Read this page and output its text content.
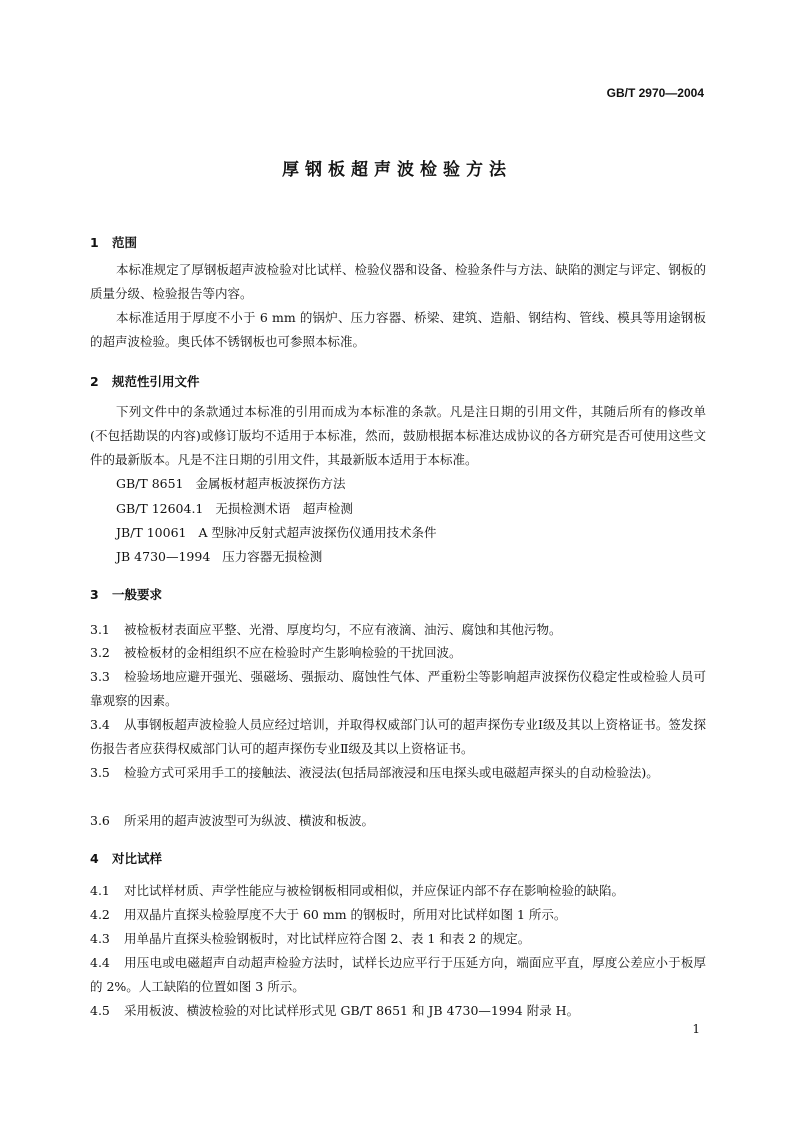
GB/T 2970—2004
厚钢板超声波检验方法
1 范围
本标准规定了厚钢板超声波检验对比试样、检验仪器和设备、检验条件与方法、缺陷的测定与评定、钢板的质量分级、检验报告等内容。
本标准适用于厚度不小于 6 mm 的锅炉、压力容器、桥梁、建筑、造船、钢结构、管线、模具等用途钢板的超声波检验。奥氏体不锈钢板也可参照本标准。
2 规范性引用文件
下列文件中的条款通过本标准的引用而成为本标准的条款。凡是注日期的引用文件，其随后所有的修改单(不包括勘误的内容)或修订版均不适用于本标准，然而，鼓励根据本标准达成协议的各方研究是否可使用这些文件的最新版本。凡是不注日期的引用文件，其最新版本适用于本标准。
GB/T 8651 金属板材超声板波探伤方法
GB/T 12604.1 无损检测术语　超声检测
JB/T 10061 A 型脉冲反射式超声波探伤仪通用技术条件
JB 4730—1994 压力容器无损检测
3 一般要求
3.1 被检板材表面应平整、光滑、厚度均匀，不应有液滴、油污、腐蚀和其他污物。
3.2 被检板材的金相组织不应在检验时产生影响检验的干扰回波。
3.3 检验场地应避开强光、强磁场、强振动、腐蚀性气体、严重粉尘等影响超声波探伤仪稳定性或检验人员可靠观察的因素。
3.4 从事钢板超声波检验人员应经过培训，并取得权威部门认可的超声探伤专业Ⅰ级及其以上资格证书。签发探伤报告者应获得权威部门认可的超声探伤专业Ⅱ级及其以上资格证书。
3.5 检验方式可采用手工的接触法、液浸法(包括局部液浸和压电探头或电磁超声探头的自动检验法)。
3.6 所采用的超声波波型可为纵波、横波和板波。
4 对比试样
4.1 对比试样材质、声学性能应与被检钢板相同或相似，并应保证内部不存在影响检验的缺陷。
4.2 用双晶片直探头检验厚度不大于 60 mm 的钢板时，所用对比试样如图 1 所示。
4.3 用单晶片直探头检验钢板时，对比试样应符合图 2、表 1 和表 2 的规定。
4.4 用压电或电磁超声自动超声检验方法时，试样长边应平行于压延方向，端面应平直，厚度公差应小于板厚的 2%。人工缺陷的位置如图 3 所示。
4.5 采用板波、横波检验的对比试样形式见 GB/T 8651 和 JB 4730—1994 附录 H。
1
